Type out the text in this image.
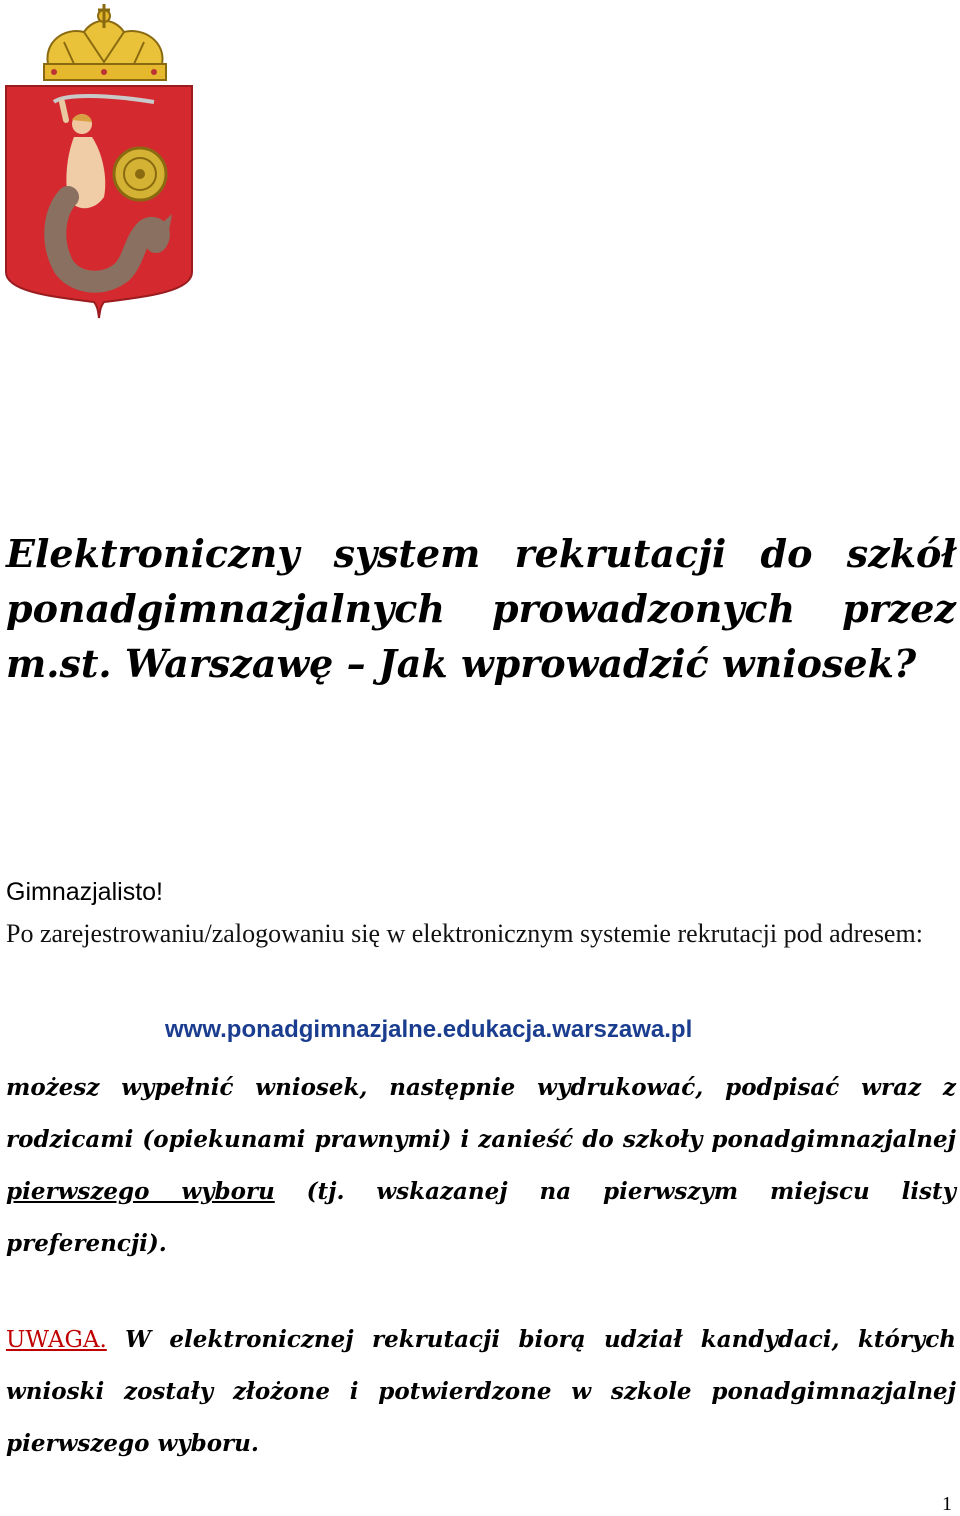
Elektroniczny system rekrutacji do szkół ponadgimnazjalnych prowadzonych przez m.st. Warszawę – Jak wprowadzić wniosek?

Gimnazjalisto!

Po zarejestrowaniu/zalogowaniu się w elektronicznym systemie rekrutacji pod adresem:

www.ponadgimnazjalne.edukacja.warszawa.pl

możesz wypełnić wniosek, następnie wydrukować, podpisać wraz z rodzicami (opiekunami prawnymi) i zanieść do szkoły ponadgimnazjalnej pierwszego wyboru (tj. wskazanej na pierwszym miejscu listy preferencji).

UWAGA. W elektronicznej rekrutacji biorą udział kandydaci, których wnioski zostały złożone i potwierdzone w szkole ponadgimnazjalnej pierwszego wyboru.

1
